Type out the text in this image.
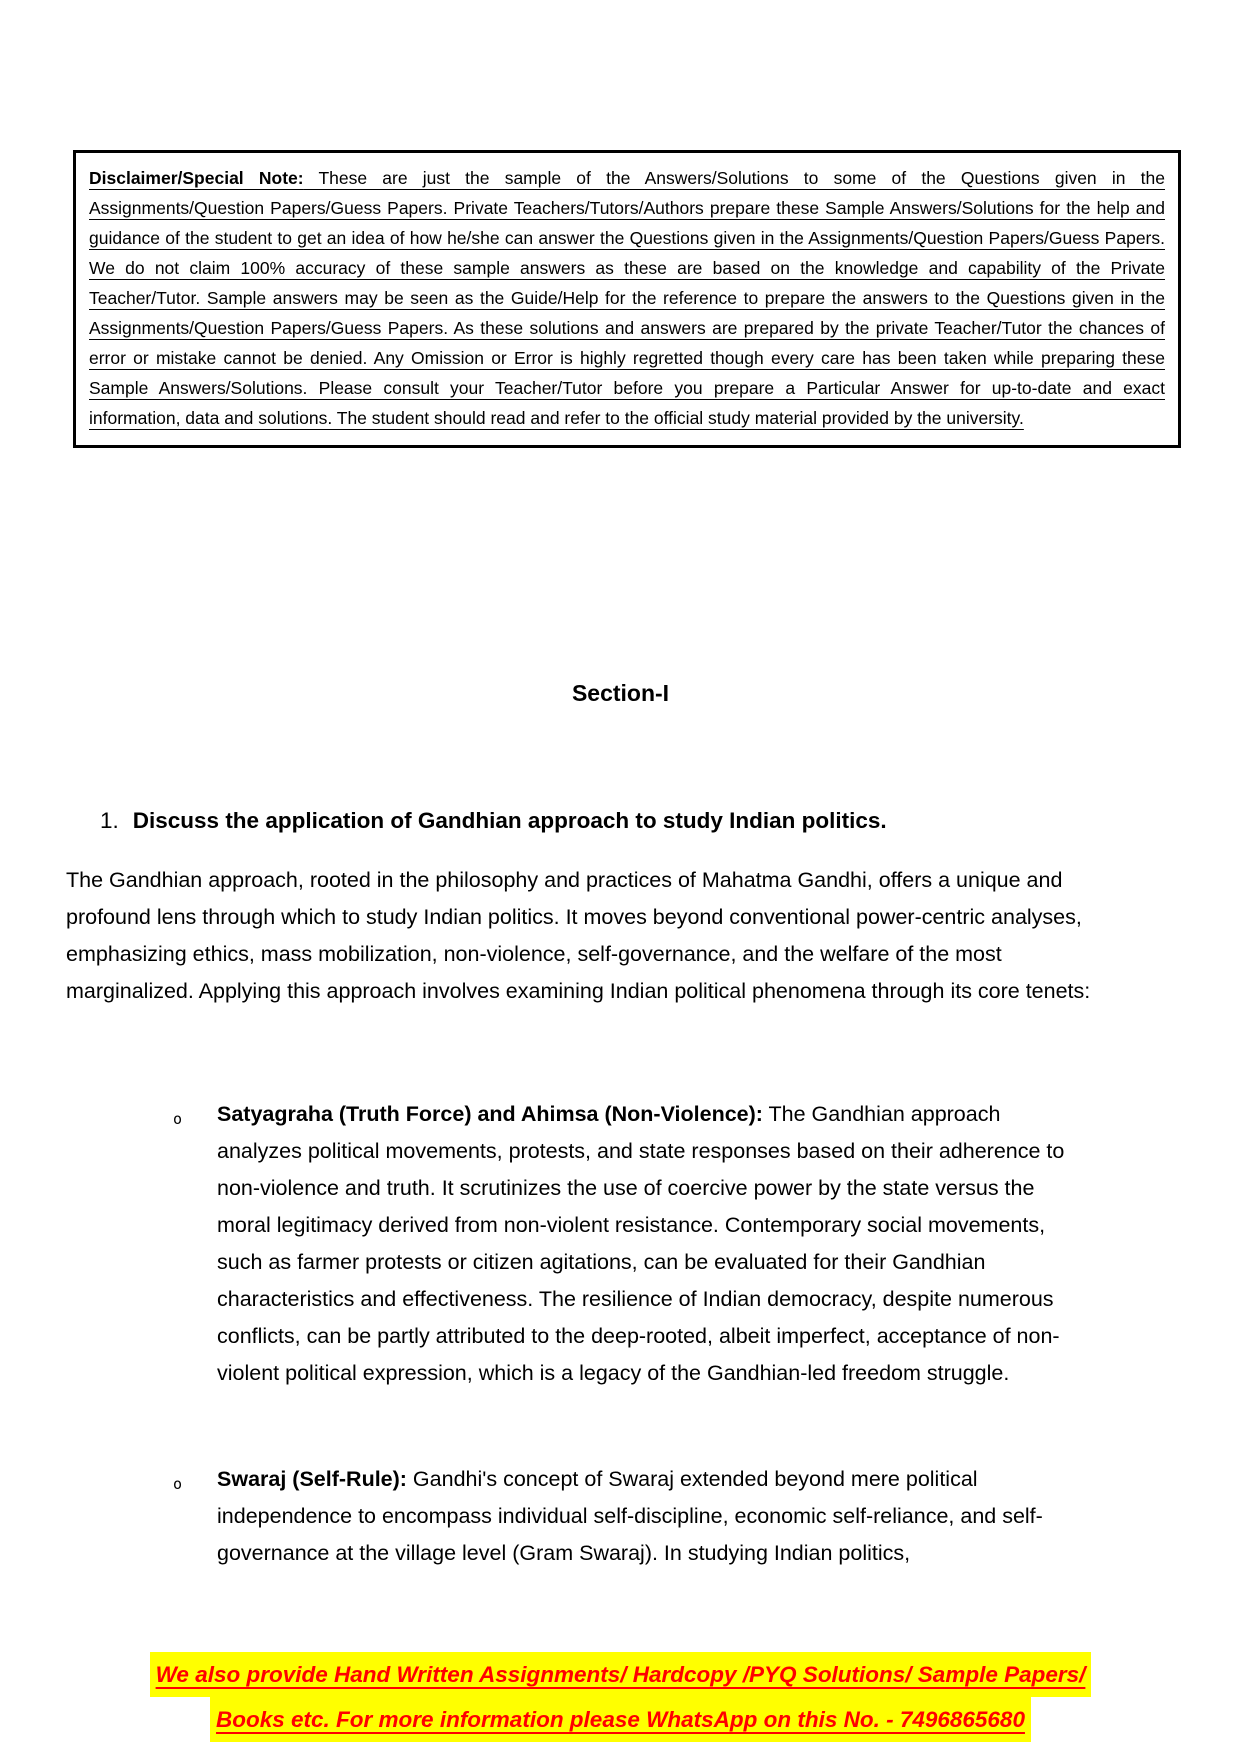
Disclaimer/Special Note: These are just the sample of the Answers/Solutions to some of the Questions given in the Assignments/Question Papers/Guess Papers. Private Teachers/Tutors/Authors prepare these Sample Answers/Solutions for the help and guidance of the student to get an idea of how he/she can answer the Questions given in the Assignments/Question Papers/Guess Papers. We do not claim 100% accuracy of these sample answers as these are based on the knowledge and capability of the Private Teacher/Tutor. Sample answers may be seen as the Guide/Help for the reference to prepare the answers to the Questions given in the Assignments/Question Papers/Guess Papers. As these solutions and answers are prepared by the private Teacher/Tutor the chances of error or mistake cannot be denied. Any Omission or Error is highly regretted though every care has been taken while preparing these Sample Answers/Solutions. Please consult your Teacher/Tutor before you prepare a Particular Answer for up-to-date and exact information, data and solutions. The student should read and refer to the official study material provided by the university.

Section-I
1. Discuss the application of Gandhian approach to study Indian politics.

The Gandhian approach, rooted in the philosophy and practices of Mahatma Gandhi, offers a unique and profound lens through which to study Indian politics. It moves beyond conventional power-centric analyses, emphasizing ethics, mass mobilization, non-violence, self-governance, and the welfare of the most marginalized. Applying this approach involves examining Indian political phenomena through its core tenets:

o Satyagraha (Truth Force) and Ahimsa (Non-Violence): The Gandhian approach analyzes political movements, protests, and state responses based on their adherence to non-violence and truth. It scrutinizes the use of coercive power by the state versus the moral legitimacy derived from non-violent resistance. Contemporary social movements, such as farmer protests or citizen agitations, can be evaluated for their Gandhian characteristics and effectiveness. The resilience of Indian democracy, despite numerous conflicts, can be partly attributed to the deep-rooted, albeit imperfect, acceptance of non-violent political expression, which is a legacy of the Gandhian-led freedom struggle.
o Swaraj (Self-Rule): Gandhi's concept of Swaraj extended beyond mere political independence to encompass individual self-discipline, economic self-reliance, and self-governance at the village level (Gram Swaraj). In studying Indian politics,
We also provide Hand Written Assignments/ Hardcopy /PYQ Solutions/ Sample Papers/
Books etc. For more information please WhatsApp on this No. - 7496865680
